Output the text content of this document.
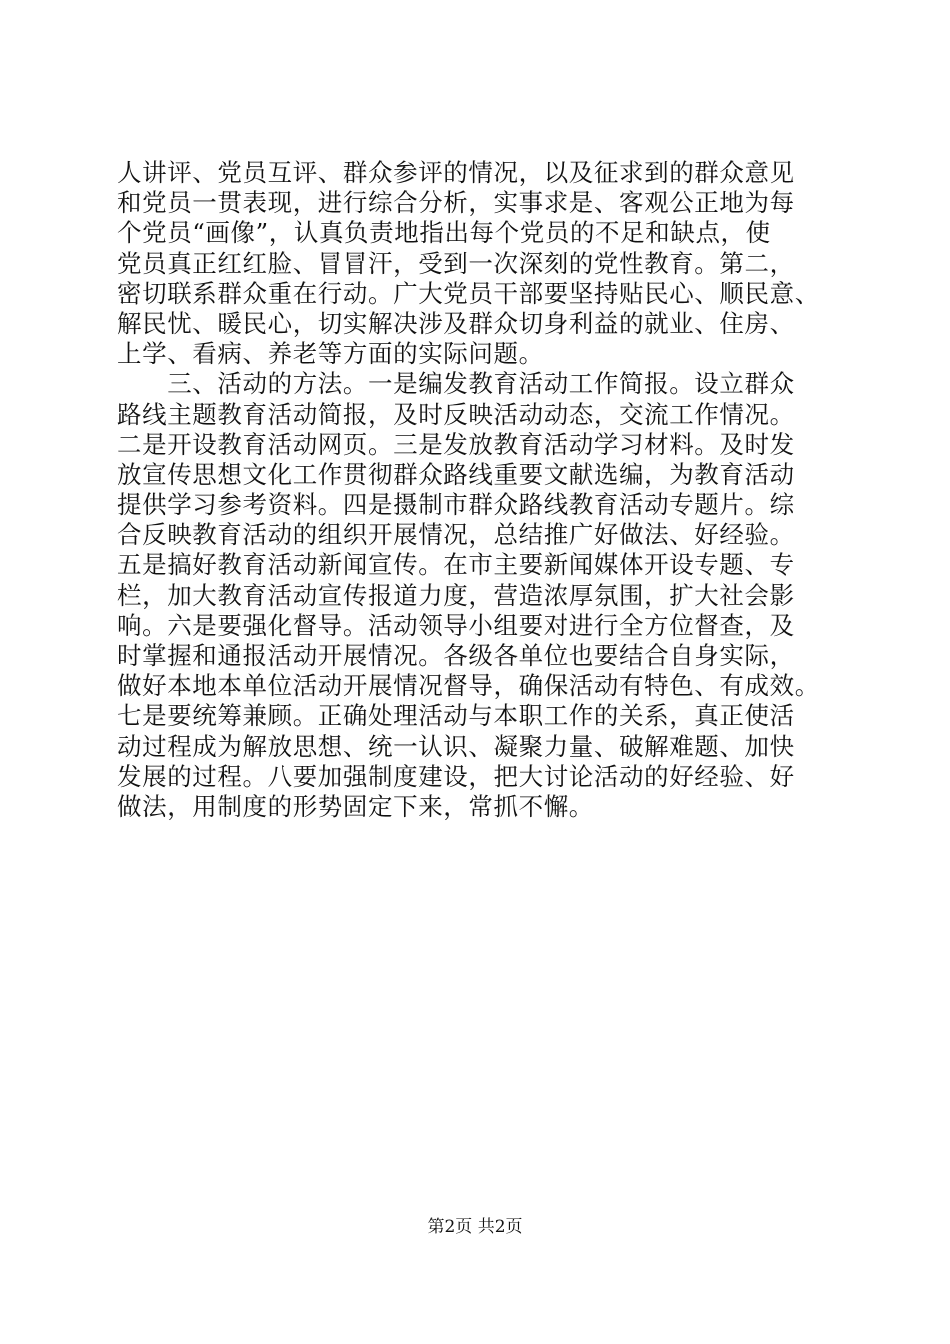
人讲评、党员互评、群众参评的情况，以及征求到的群众意见
和党员一贯表现，进行综合分析，实事求是、客观公正地为每
个党员“画像”，认真负责地指出每个党员的不足和缺点，使
党员真正红红脸、冒冒汗，受到一次深刻的党性教育。第二，
密切联系群众重在行动。广大党员干部要坚持贴民心、顺民意、
解民忧、暖民心，切实解决涉及群众切身利益的就业、住房、
上学、看病、养老等方面的实际问题。
　　三、活动的方法。一是编发教育活动工作简报。设立群众
路线主题教育活动简报，及时反映活动动态，交流工作情况。
二是开设教育活动网页。三是发放教育活动学习材料。及时发
放宣传思想文化工作贯彻群众路线重要文献选编，为教育活动
提供学习参考资料。四是摄制市群众路线教育活动专题片。综
合反映教育活动的组织开展情况，总结推广好做法、好经验。
五是搞好教育活动新闻宣传。在市主要新闻媒体开设专题、专
栏，加大教育活动宣传报道力度，营造浓厚氛围，扩大社会影
响。六是要强化督导。活动领导小组要对进行全方位督查，及
时掌握和通报活动开展情况。各级各单位也要结合自身实际，
做好本地本单位活动开展情况督导，确保活动有特色、有成效。
七是要统筹兼顾。正确处理活动与本职工作的关系，真正使活
动过程成为解放思想、统一认识、凝聚力量、破解难题、加快
发展的过程。八要加强制度建设，把大讨论活动的好经验、好
做法，用制度的形势固定下来，常抓不懈。
第2页 共2页
